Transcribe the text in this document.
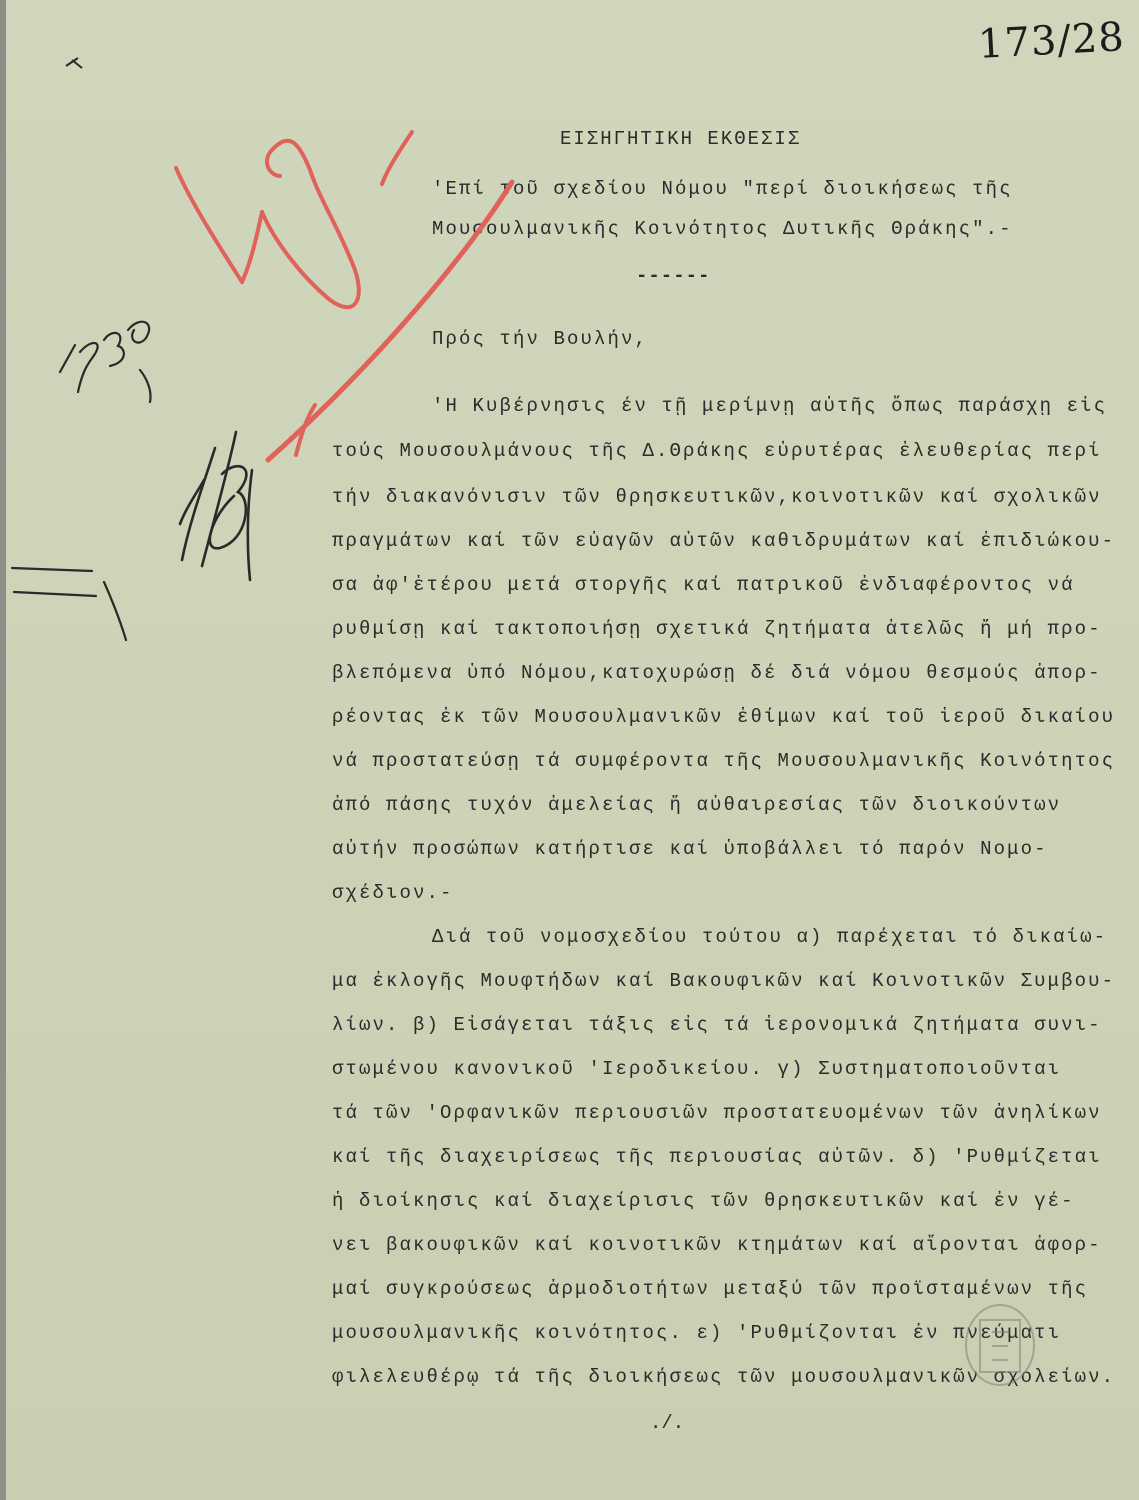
173/28
ΕΙΣΗΓΗΤΙΚΗ ΕΚΘΕΣΙΣ
'Επί τοῦ σχεδίου Νόμου "περί διοικήσεως τῆς
Μουσουλμανικῆς Κοινότητος Δυτικῆς Θράκης".-
------
Πρός τήν Βουλήν,
'Η Κυβέρνησις έν τῇ μερίμνῃ αὐτῆς ὅπως παράσχῃ εἰς
τούς Μουσουλμάνους τῆς Δ.Θράκης εὐρυτέρας ἐλευθερίας περί
τήν διακανόνισιν τῶν θρησκευτικῶν,κοινοτικῶν καί σχολικῶν
πραγμάτων καί τῶν εὐαγῶν αὐτῶν καθιδρυμάτων καί ἐπιδιώκου-
σα ἀφ'ἑτέρου μετά στοργῆς καί πατρικοῦ ἐνδιαφέροντος νά
ρυθμίσῃ καί τακτοποιήσῃ σχετικά ζητήματα ἀτελῶς ἤ μή προ-
βλεπόμενα ὑπό Νόμου,κατοχυρώσῃ δέ διά νόμου θεσμούς ἀπορ-
ρέοντας ἐκ τῶν Μουσουλμανικῶν ἐθίμων καί τοῦ ἱεροῦ δικαίου
νά προστατεύσῃ τά συμφέροντα τῆς Μουσουλμανικῆς Κοινότητος
ἀπό πάσης τυχόν ἀμελείας ἤ αὐθαιρεσίας τῶν διοικούντων
αὐτήν προσώπων κατήρτισε καί ὑποβάλλει τό παρόν Νομο-
σχέδιον.-
Διά τοῦ νομοσχεδίου τούτου α) παρέχεται τό δικαίω-
μα ἐκλογῆς Μουφτήδων καί Βακουφικῶν καί Κοινοτικῶν Συμβου-
λίων. β) Εἰσάγεται τάξις εἰς τά ἱερονομικά ζητήματα συνι-
στωμένου κανονικοῦ 'Ιεροδικείου. γ) Συστηματοποιοῦνται
τά τῶν 'Ορφανικῶν περιουσιῶν προστατευομένων τῶν ἀνηλίκων
καί τῆς διαχειρίσεως τῆς περιουσίας αὐτῶν. δ) 'Ρυθμίζεται
ἡ διοίκησις καί διαχείρισις τῶν θρησκευτικῶν καί ἐν γέ-
νει βακουφικῶν καί κοινοτικῶν κτημάτων καί αἴρονται ἀφορ-
μαί συγκρούσεως ἁρμοδιοτήτων μεταξύ τῶν προϊσταμένων τῆς
μουσουλμανικῆς κοινότητος. ε) 'Ρυθμίζονται ἐν πνεύματι
φιλελευθέρῳ τά τῆς διοικήσεως τῶν μουσουλμανικῶν σχολείων.
./.
